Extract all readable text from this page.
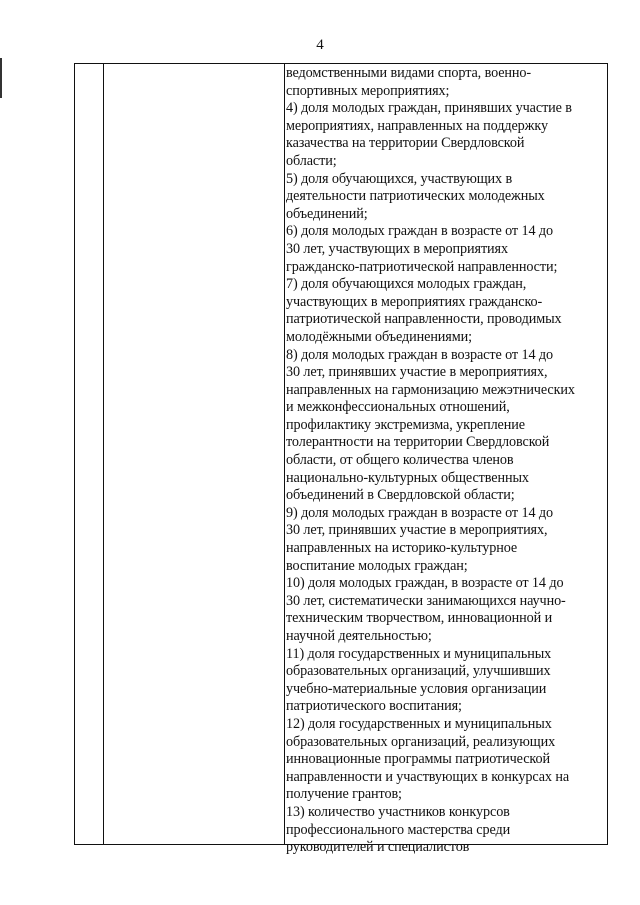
4
ведомственными видами спорта, военно-
спортивных мероприятиях;
4) доля молодых граждан, принявших участие в
мероприятиях, направленных на поддержку
казачества на территории Свердловской
области;
5) доля обучающихся, участвующих в
деятельности патриотических молодежных
объединений;
6) доля молодых граждан в возрасте от 14 до
30 лет, участвующих в мероприятиях
гражданско-патриотической направленности;
7) доля обучающихся молодых граждан,
участвующих в мероприятиях гражданско-
патриотической направленности, проводимых
молодёжными объединениями;
8) доля молодых граждан в возрасте от 14 до
30 лет, принявших участие в мероприятиях,
направленных на гармонизацию межэтнических
и межконфессиональных отношений,
профилактику экстремизма, укрепление
толерантности на территории Свердловской
области, от общего количества членов
национально-культурных общественных
объединений в Свердловской области;
9) доля молодых граждан в возрасте от 14 до
30 лет, принявших участие в мероприятиях,
направленных на историко-культурное
воспитание молодых граждан;
10) доля молодых граждан, в возрасте от 14 до
30 лет, систематически занимающихся научно-
техническим творчеством, инновационной и
научной деятельностью;
11) доля государственных и муниципальных
образовательных организаций, улучшивших
учебно-материальные условия организации
патриотического воспитания;
12) доля государственных и муниципальных
образовательных организаций, реализующих
инновационные программы патриотической
направленности и участвующих в конкурсах на
получение грантов;
13) количество участников конкурсов
профессионального мастерства среди
руководителей и специалистов
